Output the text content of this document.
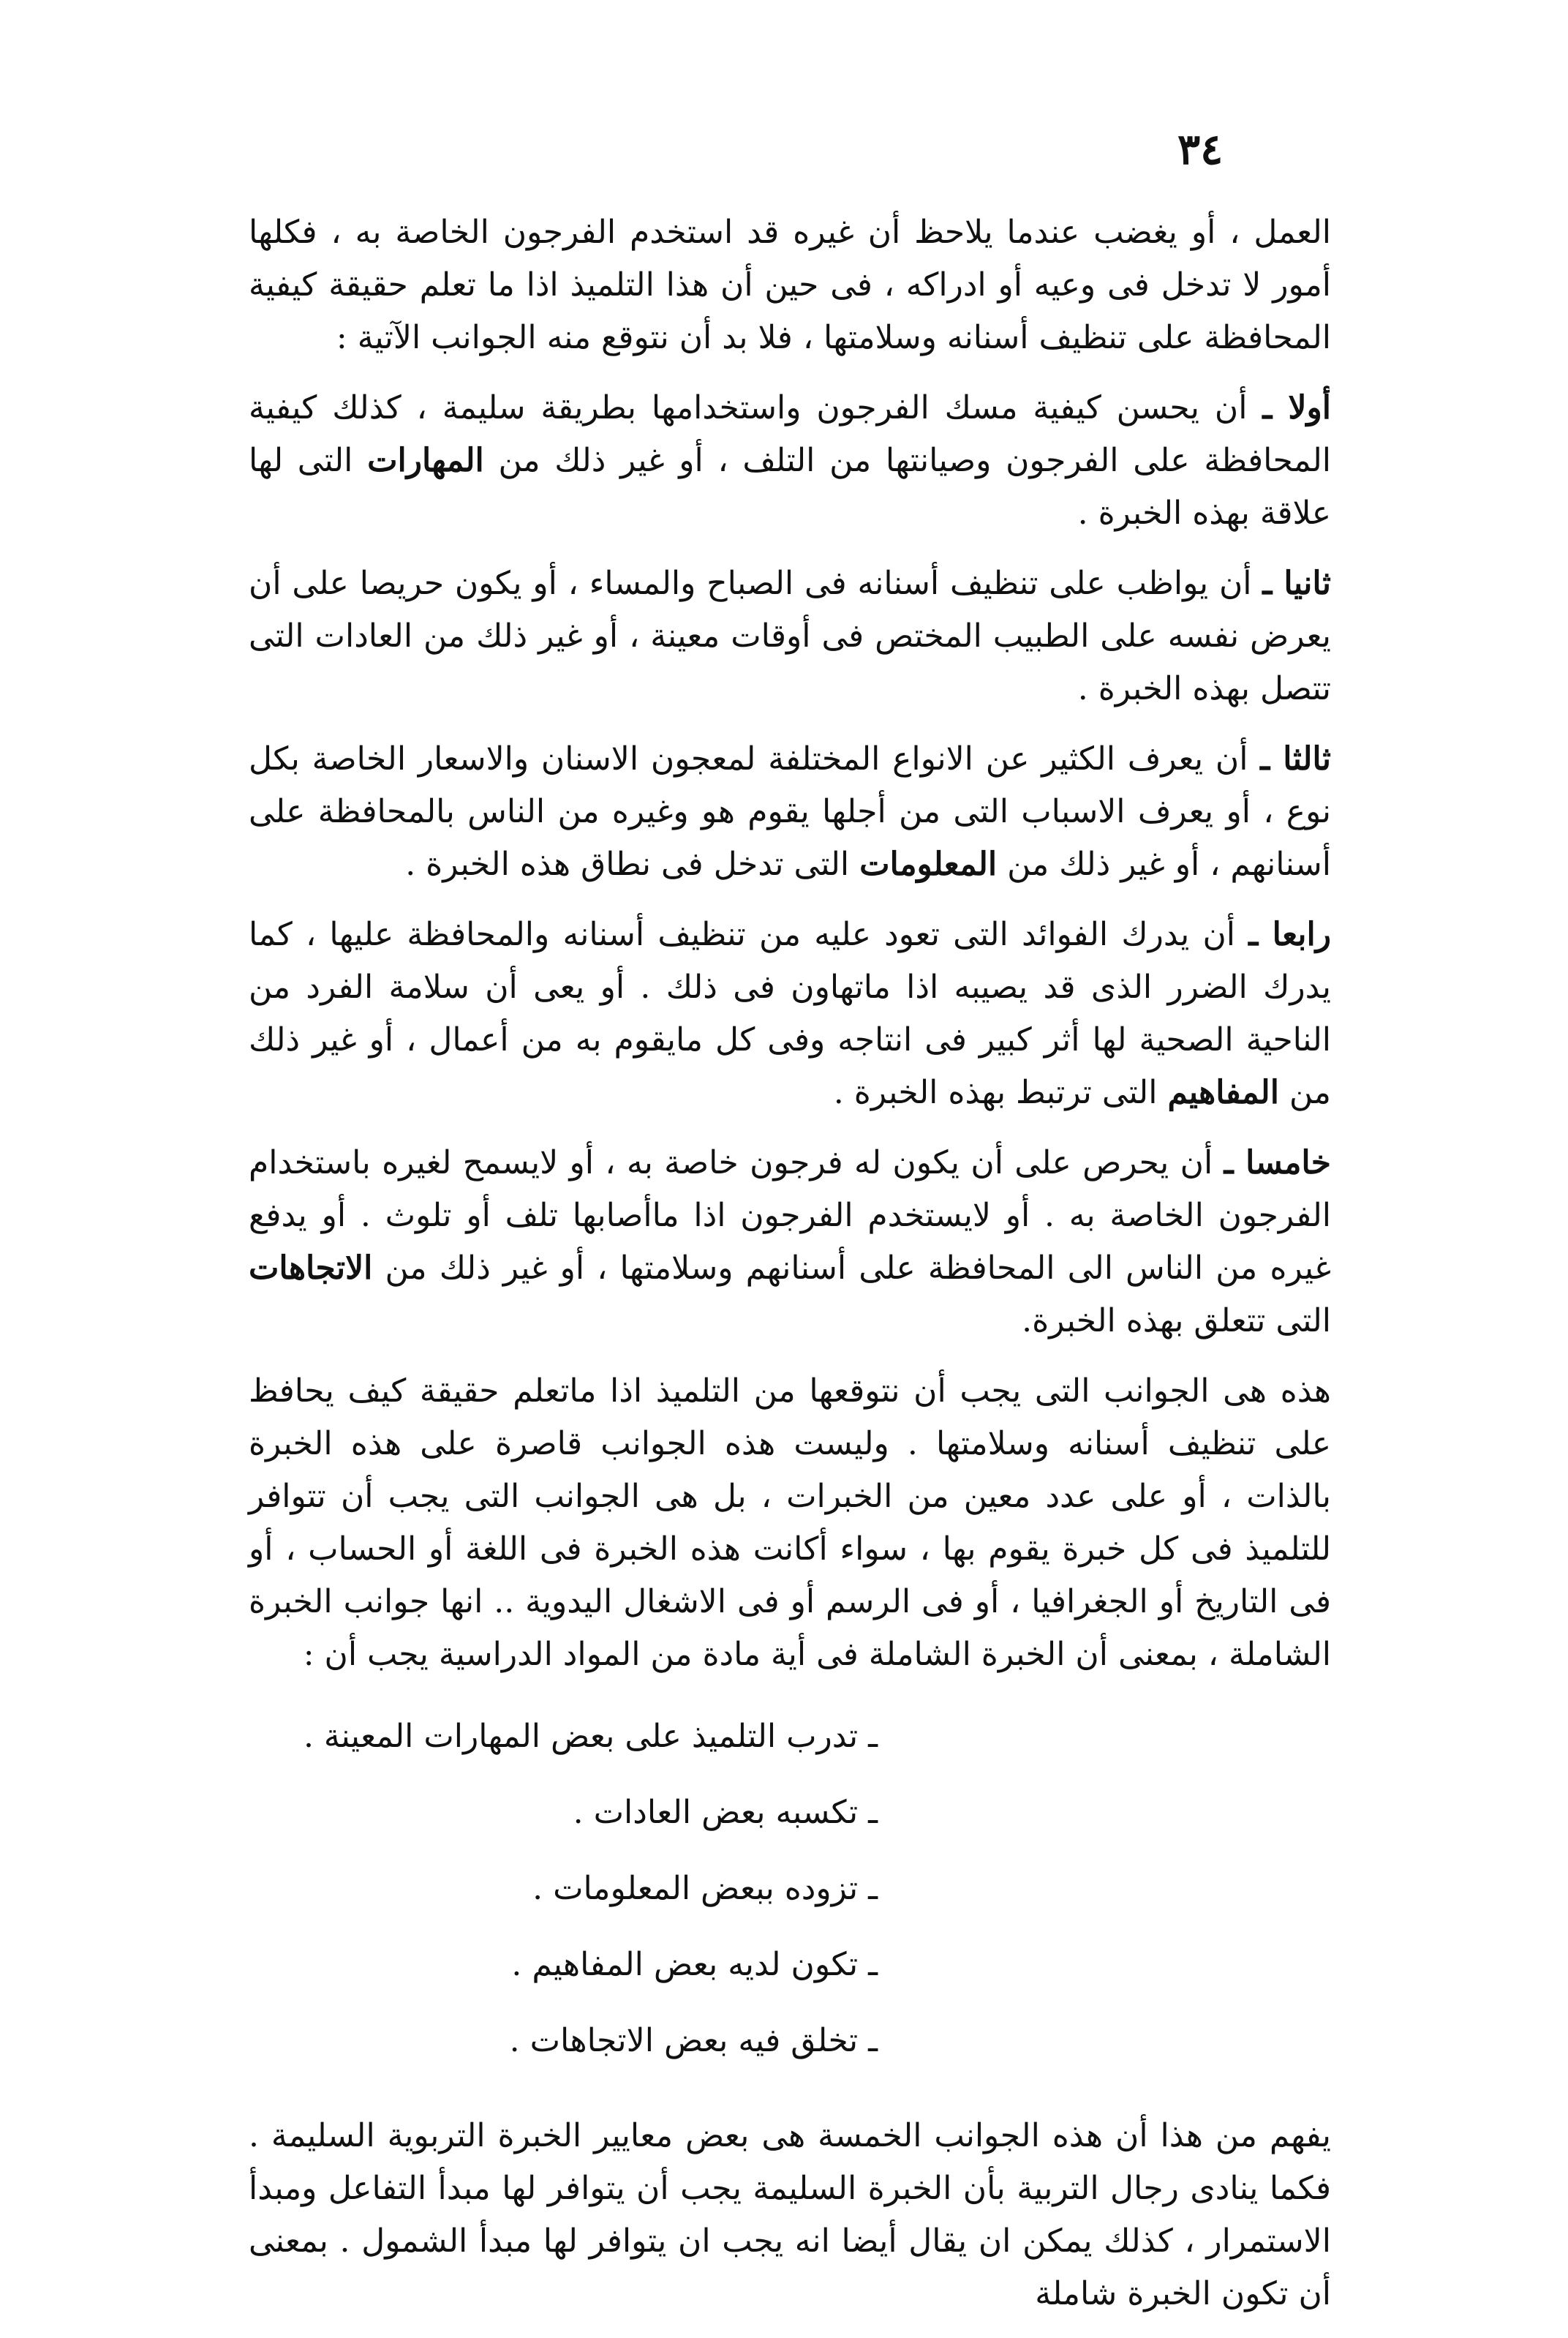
٣٤

العمل ، أو يغضب عندما يلاحظ أن غيره قد استخدم الفرجون الخاصة به ، فكلها أمور لا تدخل فى وعيه أو ادراكه ، فى حين أن هذا التلميذ اذا ما تعلم حقيقة كيفية المحافظة على تنظيف أسنانه وسلامتها ، فلا بد أن نتوقع منه الجوانب الآتية :

أولا ـ أن يحسن كيفية مسك الفرجون واستخدامها بطريقة سليمة ، كذلك كيفية المحافظة على الفرجون وصيانتها من التلف ، أو غير ذلك من المهارات التى لها علاقة بهذه الخبرة .

ثانيا ـ أن يواظب على تنظيف أسنانه فى الصباح والمساء ، أو يكون حريصا على أن يعرض نفسه على الطبيب المختص فى أوقات معينة ، أو غير ذلك من العادات التى تتصل بهذه الخبرة .

ثالثا ـ أن يعرف الكثير عن الانواع المختلفة لمعجون الاسنان والاسعار الخاصة بكل نوع ، أو يعرف الاسباب التى من أجلها يقوم هو وغيره من الناس بالمحافظة على أسنانهم ، أو غير ذلك من المعلومات التى تدخل فى نطاق هذه الخبرة .

رابعا ـ أن يدرك الفوائد التى تعود عليه من تنظيف أسنانه والمحافظة عليها ، كما يدرك الضرر الذى قد يصيبه اذا ماتهاون فى ذلك . أو يعى أن سلامة الفرد من الناحية الصحية لها أثر كبير فى انتاجه وفى كل مايقوم به من أعمال ، أو غير ذلك من المفاهيم التى ترتبط بهذه الخبرة .

خامسا ـ أن يحرص على أن يكون له فرجون خاصة به ، أو لايسمح لغيره باستخدام الفرجون الخاصة به . أو لايستخدم الفرجون اذا ماأصابها تلف أو تلوث . أو يدفع غيره من الناس الى المحافظة على أسنانهم وسلامتها ، أو غير ذلك من الاتجاهات التى تتعلق بهذه الخبرة.

هذه هى الجوانب التى يجب أن نتوقعها من التلميذ اذا ماتعلم حقيقة كيف يحافظ على تنظيف أسنانه وسلامتها . وليست هذه الجوانب قاصرة على هذه الخبرة بالذات ، أو على عدد معين من الخبرات ، بل هى الجوانب التى يجب أن تتوافر للتلميذ فى كل خبرة يقوم بها ، سواء أكانت هذه الخبرة فى اللغة أو الحساب ، أو فى التاريخ أو الجغرافيا ، أو فى الرسم أو فى الاشغال اليدوية .. انها جوانب الخبرة الشاملة ، بمعنى أن الخبرة الشاملة فى أية مادة من المواد الدراسية يجب أن :

ـ تدرب التلميذ على بعض المهارات المعينة .
ـ تكسبه بعض العادات .
ـ تزوده ببعض المعلومات .
ـ تكون لديه بعض المفاهيم .
ـ تخلق فيه بعض الاتجاهات .

يفهم من هذا أن هذه الجوانب الخمسة هى بعض معايير الخبرة التربوية السليمة . فكما ينادى رجال التربية بأن الخبرة السليمة يجب أن يتوافر لها مبدأ التفاعل ومبدأ الاستمرار ، كذلك يمكن ان يقال أيضا انه يجب ان يتوافر لها مبدأ الشمول . بمعنى أن تكون الخبرة شاملة
